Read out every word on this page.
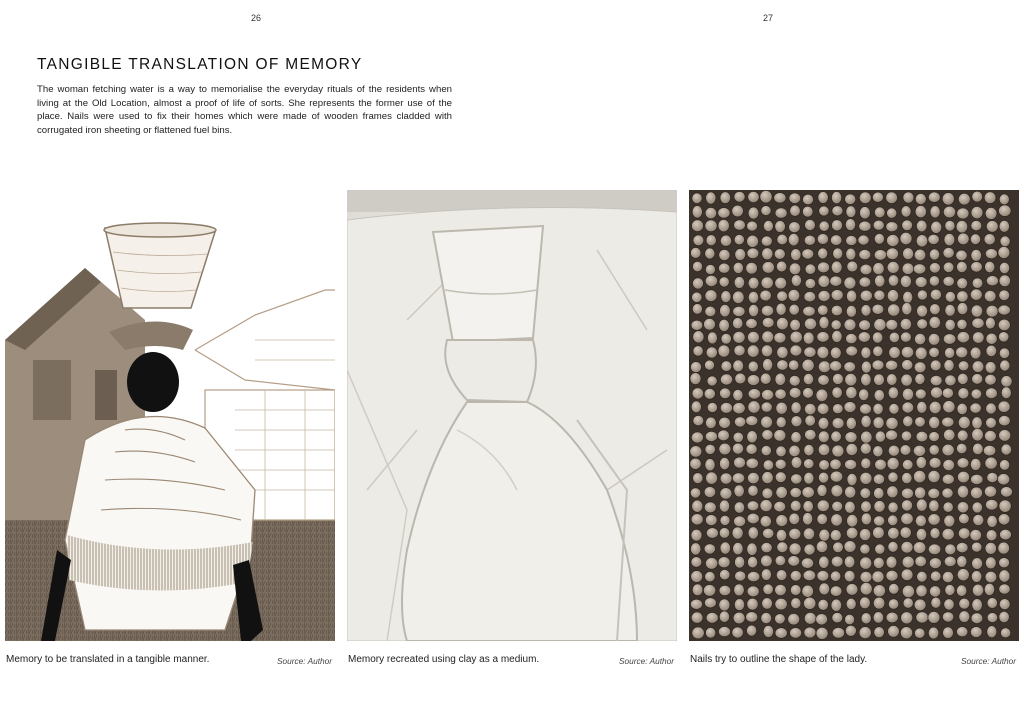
26	27
TANGIBLE TRANSLATION OF MEMORY

The woman fetching water is a way to memorialise the everyday rituals of the residents when living at the Old Location, almost a proof of life of sorts. She represents the former use of the place. Nails were used to fix their homes which were made of wooden frames cladded with corrugated iron sheeting or flattened fuel bins.

Memory to be translated in a tangible manner.	Source: Author Memory recreated using clay as a medium.	Source: Author Nails try to outline the shape of the lady.	Source: Author
